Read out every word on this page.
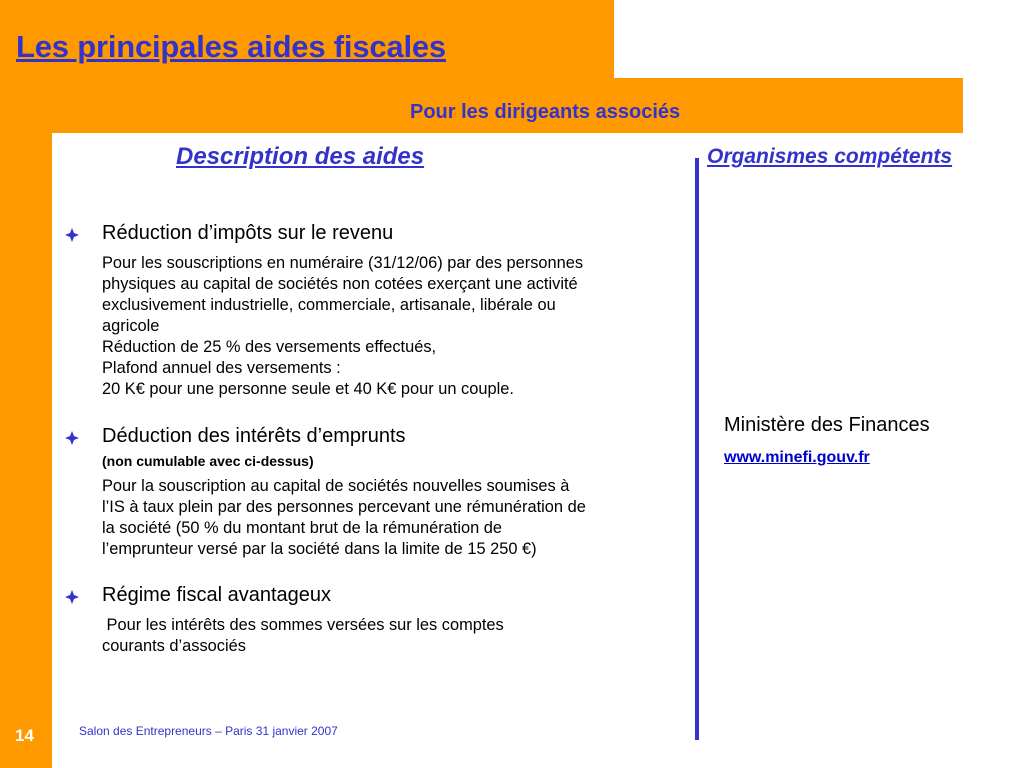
Les principales aides fiscales
Pour les dirigeants associés
Description des aides	Organismes compétents
Réduction d’impôts sur le revenu
Pour les souscriptions en numéraire (31/12/06) par des personnes
physiques au capital de sociétés non cotées exerçant une activité
exclusivement industrielle, commerciale, artisanale, libérale ou
agricole
Réduction de 25 % des versements effectués,
Plafond annuel des versements :
20 K€ pour une personne seule et 40 K€ pour un couple.
Déduction des intérêts d’emprunts
(non cumulable avec ci-dessus)
Pour la souscription au capital de sociétés nouvelles soumises à
l’IS à taux plein par des personnes percevant une rémunération de
la société (50 % du montant brut de la rémunération de
l’emprunteur versé par la société dans la limite de 15 250 €)
Régime fiscal avantageux
Pour les intérêts des sommes versées sur les comptes
courants d’associés
Ministère des Finances
www.minefi.gouv.fr
14	Salon des Entrepreneurs – Paris 31 janvier 2007
